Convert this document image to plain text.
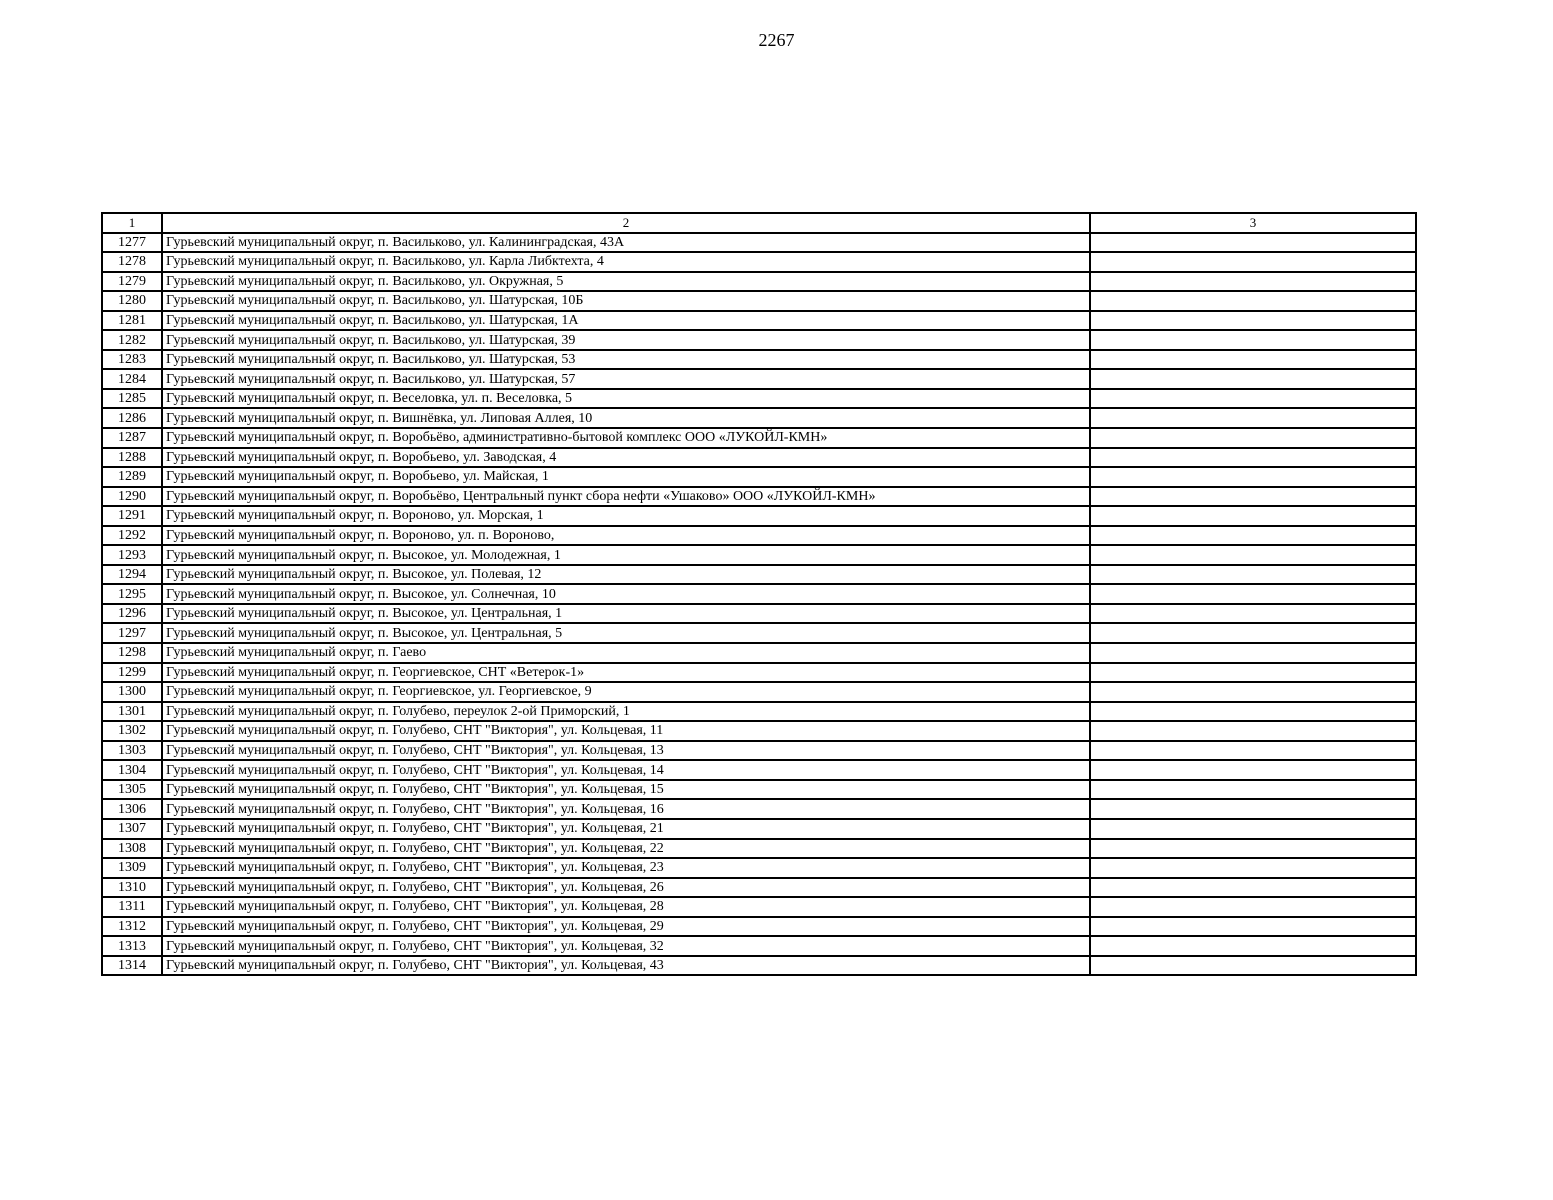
2267
1	2	3
1277	Гурьевский муниципальный округ, п. Васильково, ул. Калининградская, 43А	
1278	Гурьевский муниципальный округ, п. Васильково, ул. Карла Либктехта, 4	
1279	Гурьевский муниципальный округ, п. Васильково, ул. Окружная, 5	
1280	Гурьевский муниципальный округ, п. Васильково, ул. Шатурская, 10Б	
1281	Гурьевский муниципальный округ, п. Васильково, ул. Шатурская, 1А	
1282	Гурьевский муниципальный округ, п. Васильково, ул. Шатурская, 39	
1283	Гурьевский муниципальный округ, п. Васильково, ул. Шатурская, 53	
1284	Гурьевский муниципальный округ, п. Васильково, ул. Шатурская, 57	
1285	Гурьевский муниципальный округ, п. Веселовка, ул. п. Веселовка, 5	
1286	Гурьевский муниципальный округ, п. Вишнёвка, ул. Липовая Аллея, 10	
1287	Гурьевский муниципальный округ, п. Воробьёво, административно-бытовой комплекс ООО «ЛУКОЙЛ-КМН»	
1288	Гурьевский муниципальный округ, п. Воробьево, ул. Заводская, 4	
1289	Гурьевский муниципальный округ, п. Воробьево, ул. Майская, 1	
1290	Гурьевский муниципальный округ, п. Воробьёво, Центральный пункт сбора нефти «Ушаково» ООО «ЛУКОЙЛ-КМН»	
1291	Гурьевский муниципальный округ, п. Вороново, ул. Морская, 1	
1292	Гурьевский муниципальный округ, п. Вороново, ул. п. Вороново,	
1293	Гурьевский муниципальный округ, п. Высокое, ул. Молодежная, 1	
1294	Гурьевский муниципальный округ, п. Высокое, ул. Полевая, 12	
1295	Гурьевский муниципальный округ, п. Высокое, ул. Солнечная, 10	
1296	Гурьевский муниципальный округ, п. Высокое, ул. Центральная, 1	
1297	Гурьевский муниципальный округ, п. Высокое, ул. Центральная, 5	
1298	Гурьевский муниципальный округ, п. Гаево	
1299	Гурьевский муниципальный округ, п. Георгиевское, СНТ «Ветерок-1»	
1300	Гурьевский муниципальный округ, п. Георгиевское, ул. Георгиевское, 9	
1301	Гурьевский муниципальный округ, п. Голубево, переулок 2-ой Приморский, 1	
1302	Гурьевский муниципальный округ, п. Голубево, СНТ "Виктория", ул. Кольцевая, 11	
1303	Гурьевский муниципальный округ, п. Голубево, СНТ "Виктория", ул. Кольцевая, 13	
1304	Гурьевский муниципальный округ, п. Голубево, СНТ "Виктория", ул. Кольцевая, 14	
1305	Гурьевский муниципальный округ, п. Голубево, СНТ "Виктория", ул. Кольцевая, 15	
1306	Гурьевский муниципальный округ, п. Голубево, СНТ "Виктория", ул. Кольцевая, 16	
1307	Гурьевский муниципальный округ, п. Голубево, СНТ "Виктория", ул. Кольцевая, 21	
1308	Гурьевский муниципальный округ, п. Голубево, СНТ "Виктория", ул. Кольцевая, 22	
1309	Гурьевский муниципальный округ, п. Голубево, СНТ "Виктория", ул. Кольцевая, 23	
1310	Гурьевский муниципальный округ, п. Голубево, СНТ "Виктория", ул. Кольцевая, 26	
1311	Гурьевский муниципальный округ, п. Голубево, СНТ "Виктория", ул. Кольцевая, 28	
1312	Гурьевский муниципальный округ, п. Голубево, СНТ "Виктория", ул. Кольцевая, 29	
1313	Гурьевский муниципальный округ, п. Голубево, СНТ "Виктория", ул. Кольцевая, 32	
1314	Гурьевский муниципальный округ, п. Голубево, СНТ "Виктория", ул. Кольцевая, 43	
